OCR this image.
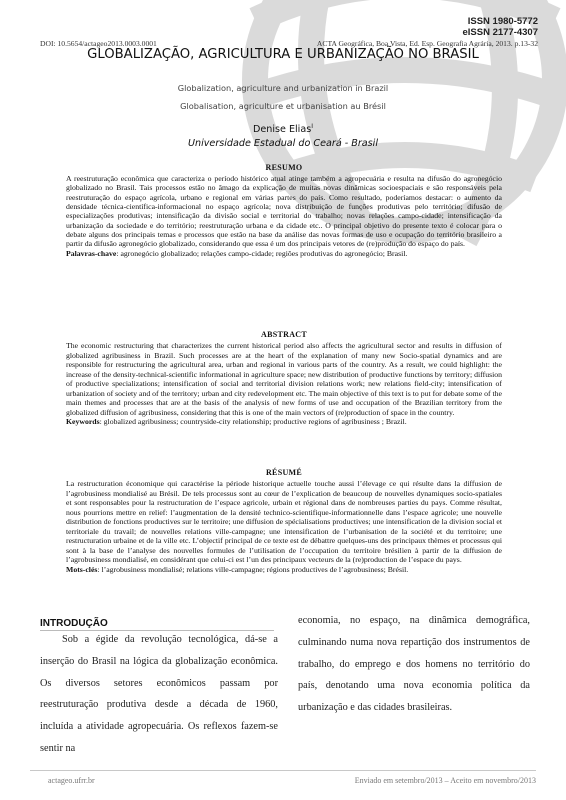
ISSN 1980-5772
eISSN 2177-4307
DOI: 10.5654/actageo2013.0003.0001	ACTA Geográfica, Boa Vista, Ed. Esp. Geografia Agrária, 2013. p.13-32
GLOBALIZAÇÃO, AGRICULTURA E URBANIZAÇÃO NO BRASIL
Globalization, agriculture and urbanization in Brazil
Globalisation, agriculture et urbanisation au Brésil
Denise Elias$^I$
Universidade Estadual do Ceará - Brasil
RESUMO
A reestruturação econômica que caracteriza o período histórico atual atinge também a agropecuária e resulta na difusão do agronegócio globalizado no Brasil. Tais processos estão no âmago da explicação de muitas novas dinâmicas socioespaciais e são responsáveis pela reestruturação do espaço agrícola, urbano e regional em várias partes do país. Como resultado, poderíamos destacar: o aumento da densidade técnica-científica-informacional no espaço agrícola; nova distribuição de funções produtivas pelo território; difusão de especializações produtivas; intensificação da divisão social e territorial do trabalho; novas relações campo-cidade; intensificação da urbanização da sociedade e do território; reestruturação urbana e da cidade etc.. O principal objetivo do presente texto é colocar para o debate alguns dos principais temas e processos que estão na base da análise das novas formas de uso e ocupação do território brasileiro a partir da difusão agronegócio globalizado, considerando que essa é um dos principais vetores de (re)produção do espaço do país.
Palavras-chave: agronegócio globalizado; relações campo-cidade; regiões produtivas do agronegócio; Brasil.
ABSTRACT
The economic restructuring that characterizes the current historical period also affects the agricultural sector and results in diffusion of globalized agribusiness in Brazil. Such processes are at the heart of the explanation of many new Socio-spatial dynamics and are responsible for restructuring the agricultural area, urban and regional in various parts of the country. As a result, we could highlight: the increase of the density-technical-scientific informational in agriculture space; new distribution of productive functions by territory; diffusion of productive specializations; intensification of social and territorial division relations work; new relations field-city; intensification of urbanization of society and of the territory; urban and city redevelopment etc. The main objective of this text is to put for debate some of the main themes and processes that are at the basis of the analysis of new forms of use and occupation of the Brazilian territory from the globalized diffusion of agribusiness, considering that this is one of the main vectors of (re)production of space in the country.
Keywords: globalized agribusiness; countryside-city relationship; productive regions of agribusiness ; Brazil.
RÉSUMÉ
La restructuration économique qui caractérise la période historique actuelle touche aussi l’élevage ce qui résulte dans la diffusion de l’agrobusiness mondialisé au Brésil. De tels processus sont au cœur de l’explication de beaucoup de nouvelles dynamiques socio-spatiales et sont responsables pour la restructuration de l’espace agricole, urbain et régional dans de nombreuses parties du pays. Comme résultat, nous pourrions mettre en relief: l’augmentation de la densité technico-scientifique-informationnelle dans l’espace agricole; une nouvelle distribution de fonctions productives sur le territoire; une diffusion de spécialisations productives; une intensification de la division social et territoriale du travail; de nouvelles relations ville-campagne; une intensification de l’urbanisation de la société et du territoire; une restructuration urbaine et de la ville etc. L’objectif principal de ce texte est de débattre quelques-uns des principaux thèmes et processus qui sont à la base de l’analyse des nouvelles formules de l’utilisation de l’occupation du territoire brésilien à partir de la diffusion de l’agrobusiness mondialisé, en considérant que celui-ci est l’un des principaux vecteurs de la (re)production de l’espace du pays.
Mots-clés: l’agrobusiness mondialisé; relations ville-campagne; régions productives de l’agrobusiness; Brésil.
INTRODUÇÃO

Sob a égide da revolução tecnológica, dá-se a inserção do Brasil na lógica da globalização econômica. Os diversos setores econômicos passam por reestruturação produtiva desde a década de 1960, incluída a atividade agropecuária. Os reflexos fazem-se sentir na

economia, no espaço, na dinâmica demográfica, culminando numa nova repartição dos instrumentos de trabalho, do emprego e dos homens no território do país, denotando uma nova economia política da urbanização e das cidades brasileiras.

actageo.ufrr.br	Enviado em setembro/2013 – Aceito em novembro/2013
